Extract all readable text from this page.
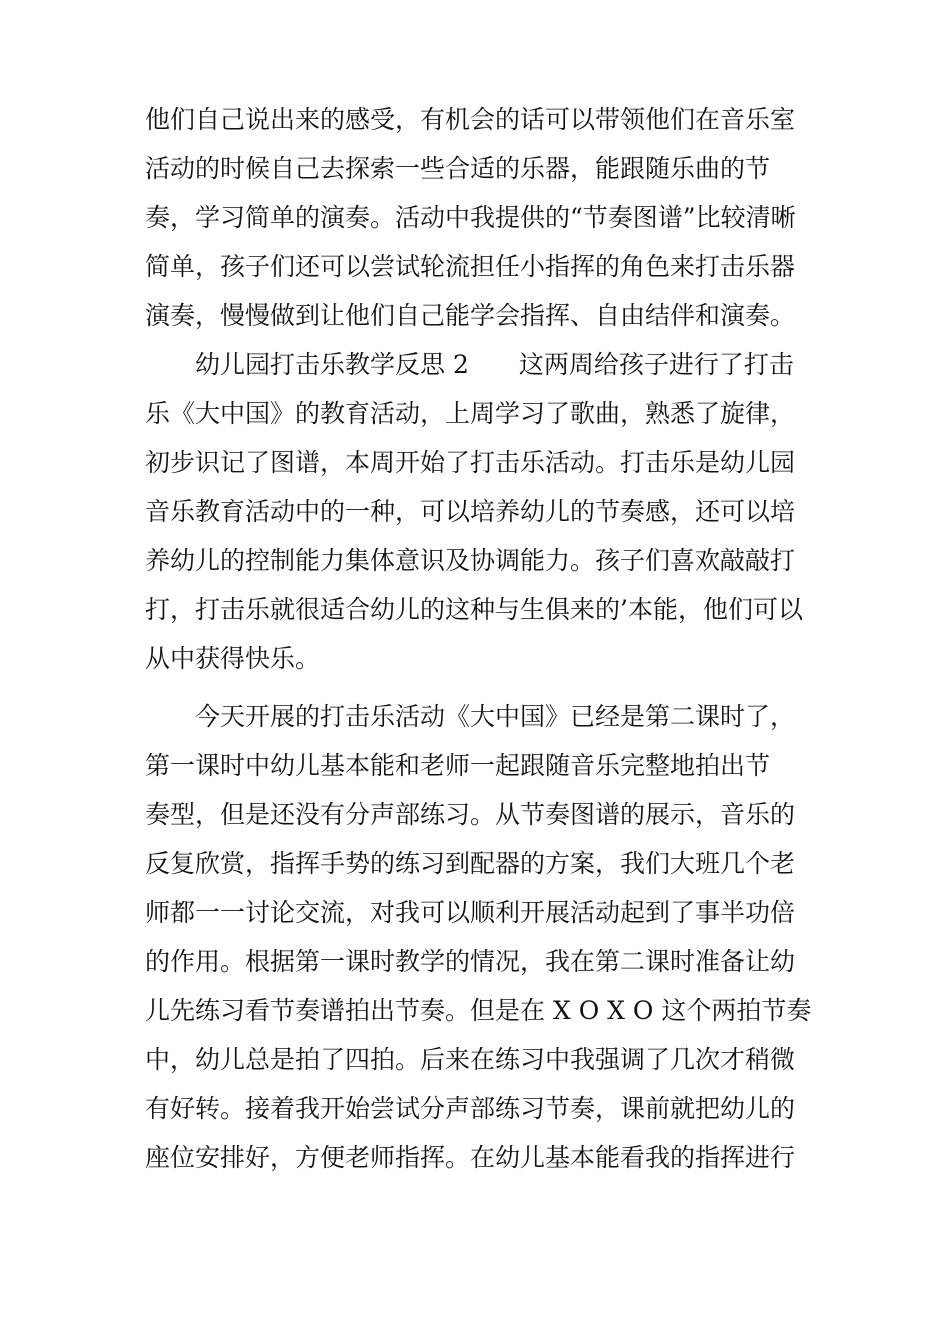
他们自己说出来的感受，有机会的话可以带领他们在音乐室

活动的时候自己去探索一些合适的乐器，能跟随乐曲的节

奏，学习简单的演奏。活动中我提供的“节奏图谱”比较清晰

简单，孩子们还可以尝试轮流担任小指挥的角色来打击乐器

演奏，慢慢做到让他们自己能学会指挥、自由结伴和演奏。

幼儿园打击乐教学反思 2　　这两周给孩子进行了打击

乐《大中国》的教育活动，上周学习了歌曲，熟悉了旋律，

初步识记了图谱，本周开始了打击乐活动。打击乐是幼儿园

音乐教育活动中的一种，可以培养幼儿的节奏感，还可以培

养幼儿的控制能力集体意识及协调能力。孩子们喜欢敲敲打

打，打击乐就很适合幼儿的这种与生俱来的’本能，他们可以

从中获得快乐。

今天开展的打击乐活动《大中国》已经是第二课时了，

第一课时中幼儿基本能和老师一起跟随音乐完整地拍出节

奏型，但是还没有分声部练习。从节奏图谱的展示，音乐的

反复欣赏，指挥手势的练习到配器的方案，我们大班几个老

师都一一讨论交流，对我可以顺利开展活动起到了事半功倍

的作用。根据第一课时教学的情况，我在第二课时准备让幼

儿先练习看节奏谱拍出节奏。但是在 X O X O 这个两拍节奏

中，幼儿总是拍了四拍。后来在练习中我强调了几次才稍微

有好转。接着我开始尝试分声部练习节奏，课前就把幼儿的

座位安排好，方便老师指挥。在幼儿基本能看我的指挥进行
